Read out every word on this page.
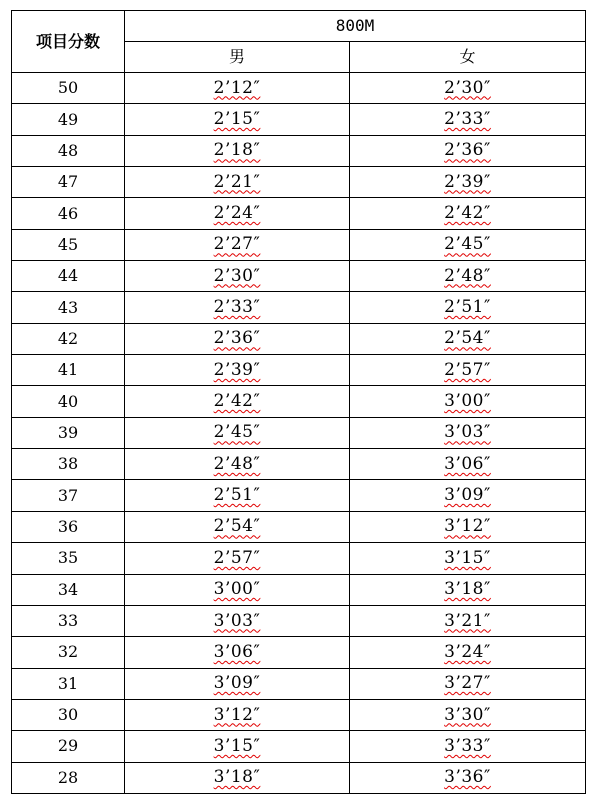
项目分数	800M	
	男	女
50	2’12″	2’30″
49	2’15″	2’33″
48	2’18″	2’36″
47	2’21″	2’39″
46	2’24″	2’42″
45	2’27″	2’45″
44	2’30″	2’48″
43	2’33″	2’51″
42	2’36″	2’54″
41	2’39″	2’57″
40	2’42″	3’00″
39	2’45″	3’03″
38	2’48″	3’06″
37	2’51″	3’09″
36	2’54″	3’12″
35	2’57″	3’15″
34	3’00″	3’18″
33	3’03″	3’21″
32	3’06″	3’24″
31	3’09″	3’27″
30	3’12″	3’30″
29	3’15″	3’33″
28	3’18″	3’36″
